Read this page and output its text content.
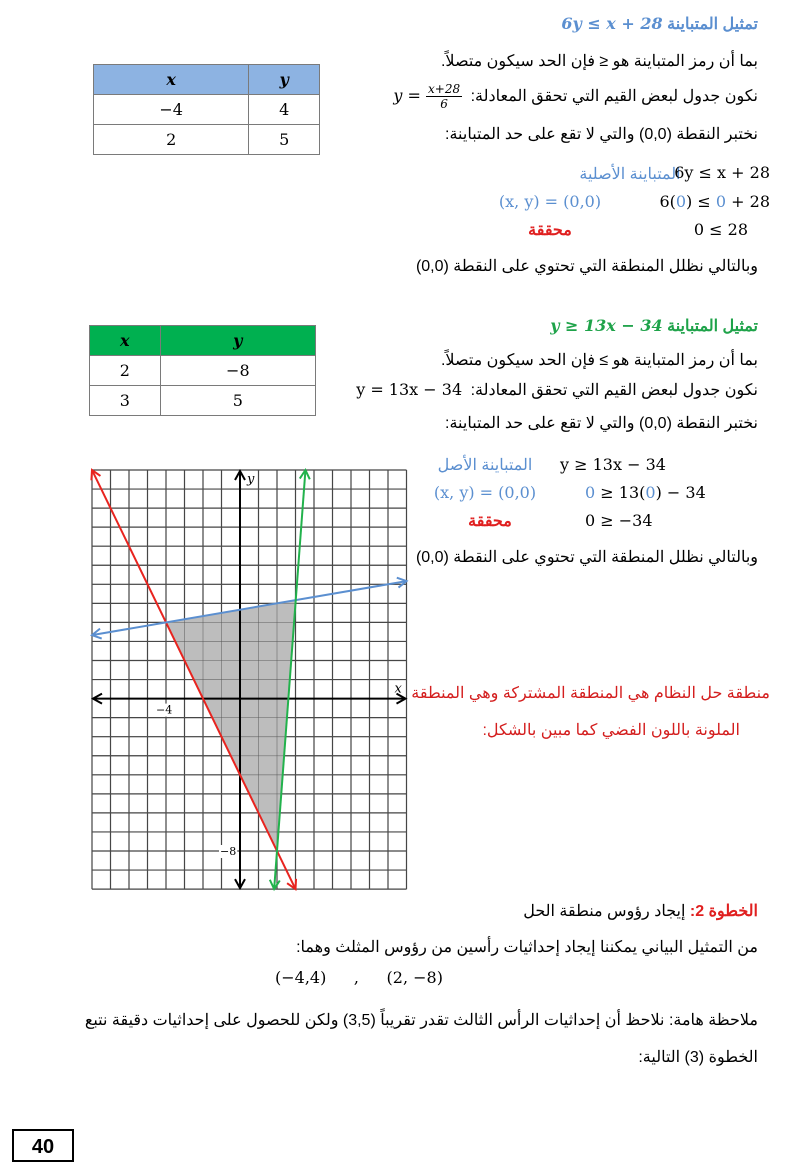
تمثيل المتباينة 6y ≤ x + 28
بما أن رمز المتباينة هو ≤ فإن الحد سيكون متصلاً.
نكون جدول لبعض القيم التي تحقق المعادلة: $y = \frac{x+28}{6}$
نختبر النقطة (0,0) والتي لا تقع على حد المتباينة:
المتباينة الأصلية
6y ≤ x + 28
(x, y) = (0,0)	6(0) ≤ 0 + 28
محققة	0 ≤ 28
وبالتالي نظلل المنطقة التي تحتوي على النقطة (0,0)
x	y
−4	4
2	5
تمثيل المتباينة y ≥ 13x − 34
بما أن رمز المتباينة هو ≥ فإن الحد سيكون متصلاً.
نكون جدول لبعض القيم التي تحقق المعادلة: y = 13x − 34
نختبر النقطة (0,0) والتي لا تقع على حد المتباينة:
المتباينة الأصل	y ≥ 13x − 34
(x, y) = (0,0)	0 ≥ 13(0) − 34
محققة	0 ≥ −34
وبالتالي نظلل المنطقة التي تحتوي على النقطة (0,0)
x	y
2	−8
3	5
منطقة حل النظام هي المنطقة المشتركة وهي المنطقة
الملونة باللون الفضي كما مبين بالشكل:
x
y
−4
−8
الخطوة 2: إيجاد رؤوس منطقة الحل
من التمثيل البياني يمكننا إيجاد إحداثيات رأسين من رؤوس المثلث وهما:
(−4,4) , (2, −8)
ملاحظة هامة: نلاحظ أن إحداثيات الرأس الثالث تقدر تقريباً (3,5) ولكن للحصول على إحداثيات دقيقة نتبع
الخطوة (3) التالية:
40
